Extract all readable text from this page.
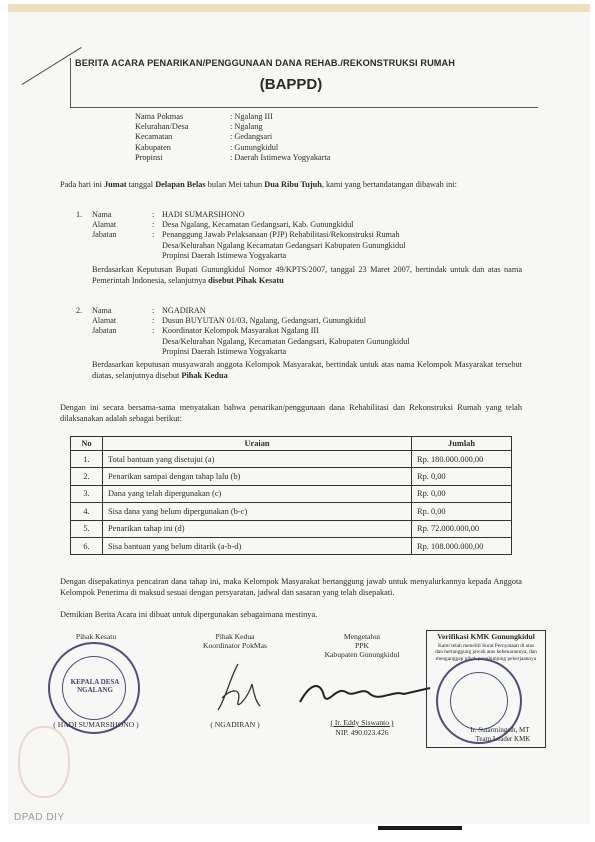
BERITA ACARA PENARIKAN/PENGGUNAAN DANA REHAB./REKONSTRUKSI RUMAH
(BAPPD)
Nama Pokmas	: Ngalang III
Kelurahan/Desa	: Ngalang
Kecamatan	: Gedangsari
Kabupaten	: Gunungkidul
Propinsi	: Daerah Istimewa Yogyakarta
Pada hari ini Jumat tanggal Delapan Belas bulan Mei tahun Dua Ribu Tujuh, kami yang bertandatangan dibawah ini:
1.	Nama	: HADI SUMARSIHONO
Alamat	: Desa Ngalang, Kecamatan Gedangsari, Kab. Gunungkidul
Jabatan	: Penanggung Jawab Pelaksanaan (PJP) Rehabilitasi/Rekonstruksi Rumah
Desa/Kelurahan Ngalang Kecamatan Gedangsari Kabupaten Gunungkidul
Propinsi Daerah Istimewa Yogyakarta
Berdasarkan Keputusan Bupati Gunungkidul Nomor 49/KPTS/2007, tanggal 23 Maret 2007, bertindak untuk dan atas nama Pemerintah Indonesia, selanjutnya disebut Pihak Kesatu
2.	Nama	: NGADIRAN
Alamat	: Dusun BUYUTAN 01/03, Ngalang, Gedangsari, Gunungkidul
Jabatan	: Koordinator Kelompok Masyarakat Ngalang III
Desa/Kelurahan Ngalang, Kecamatan Gedangsari, Kabupaten Gunungkidul
Propinsi Daerah Istimewa Yogyakarta
Berdasarkan keputusan musyawarah anggota Kelompok Masyarakat, bertindak untuk atas nama Kelompok Masyarakat tersebut diatas, selanjutnya disebut Pihak Kedua
Dengan ini secara bersama-sama menyatakan bahwa penarikan/penggunaan dana Rehabilitasi dan Rekonstruksi Rumah yang telah dilaksanakan adalah sebagai berikut:
No	Uraian	Jumlah
1.	Total bantuan yang disetujui (a)	Rp. 180.000.000,00
2.	Penarikan sampai dengan tahap lalu (b)	Rp. 0,00
3.	Dana yang telah dipergunakan (c)	Rp. 0,00
4.	Sisa dana yang belum dipergunakan (b-c)	Rp. 0,00
5.	Penarikan tahap ini (d)	Rp. 72.000.000,00
6.	Sisa bantuan yang belum ditarik (a-b-d)	Rp. 108.000.000,00
Dengan disepakatinya pencairan dana tahap ini, maka Kelompok Masyarakat bertanggung jawab untuk menyalurkannya kepada Anggota Kelompok Penerima di maksud sesuai dengan persyaratan, jadwal dan sasaran yang telah disepakati.
Demikian Berita Acara ini dibuat untuk dipergunakan sebagaimana mestinya.
Pihak Kesatu
KEPALA DESA NGALANG
( HADI SUMARSIHONO )
Pihak Kedua
Koordinator PokMas
( NGADIRAN )
Mengetahui
PPK
Kabupaten Gunungkidul
( Ir. Eddy Siswanto )
NIP. 490.023.426
Verifikasi KMK Gunungkidul
Kami telah meneliti Surat Pernyataan di atas dan bertanggung jawab atas kebenarannya, dan menganggap pihak penghunjung pekerjaannya
Ir. Sutarmingsih, MT
Team Leader KMK
DPAD DIY
